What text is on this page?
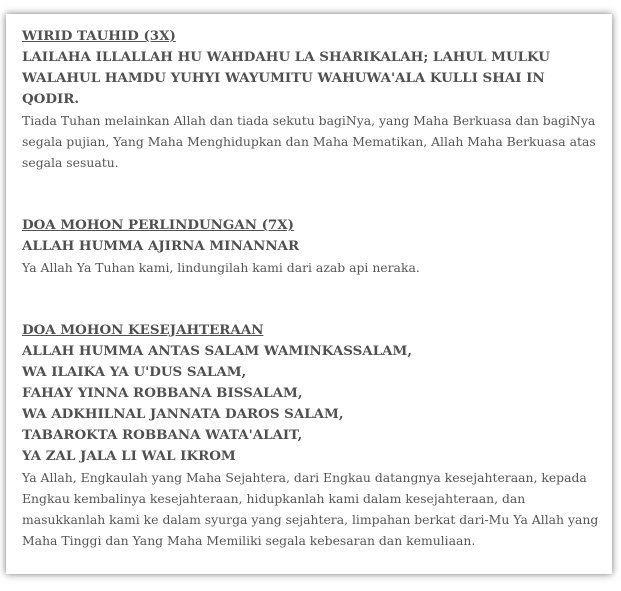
WIRID TAUHID (3X)
LAILAHA ILLALLAH HU WAHDAHU LA SHARIKALAH; LAHUL MULKU
WALAHUL HAMDU YUHYI WAYUMITU WAHUWA'ALA KULLI SHAI IN
QODIR.
Tiada Tuhan melainkan Allah dan tiada sekutu bagiNya, yang Maha Berkuasa dan bagiNya segala pujian, Yang Maha Menghidupkan dan Maha Mematikan, Allah Maha Berkuasa atas segala sesuatu.
DOA MOHON PERLINDUNGAN (7X)
ALLAH HUMMA AJIRNA MINANNAR
Ya Allah Ya Tuhan kami, lindungilah kami dari azab api neraka.
DOA MOHON KESEJAHTERAAN
ALLAH HUMMA ANTAS SALAM WAMINKASSALAM,
WA ILAIKA YA U'DUS SALAM,
FAHAY YINNA ROBBANA BISSALAM,
WA ADKHILNAL JANNATA DAROS SALAM,
TABAROKTA ROBBANA WATA'ALAIT,
YA ZAL JALA LI WAL IKROM
Ya Allah, Engkaulah yang Maha Sejahtera, dari Engkau datangnya kesejahteraan, kepada Engkau kembalinya kesejahteraan, hidupkanlah kami dalam kesejahteraan, dan masukkanlah kami ke dalam syurga yang sejahtera, limpahan berkat dari-Mu Ya Allah yang Maha Tinggi dan Yang Maha Memiliki segala kebesaran dan kemuliaan.
